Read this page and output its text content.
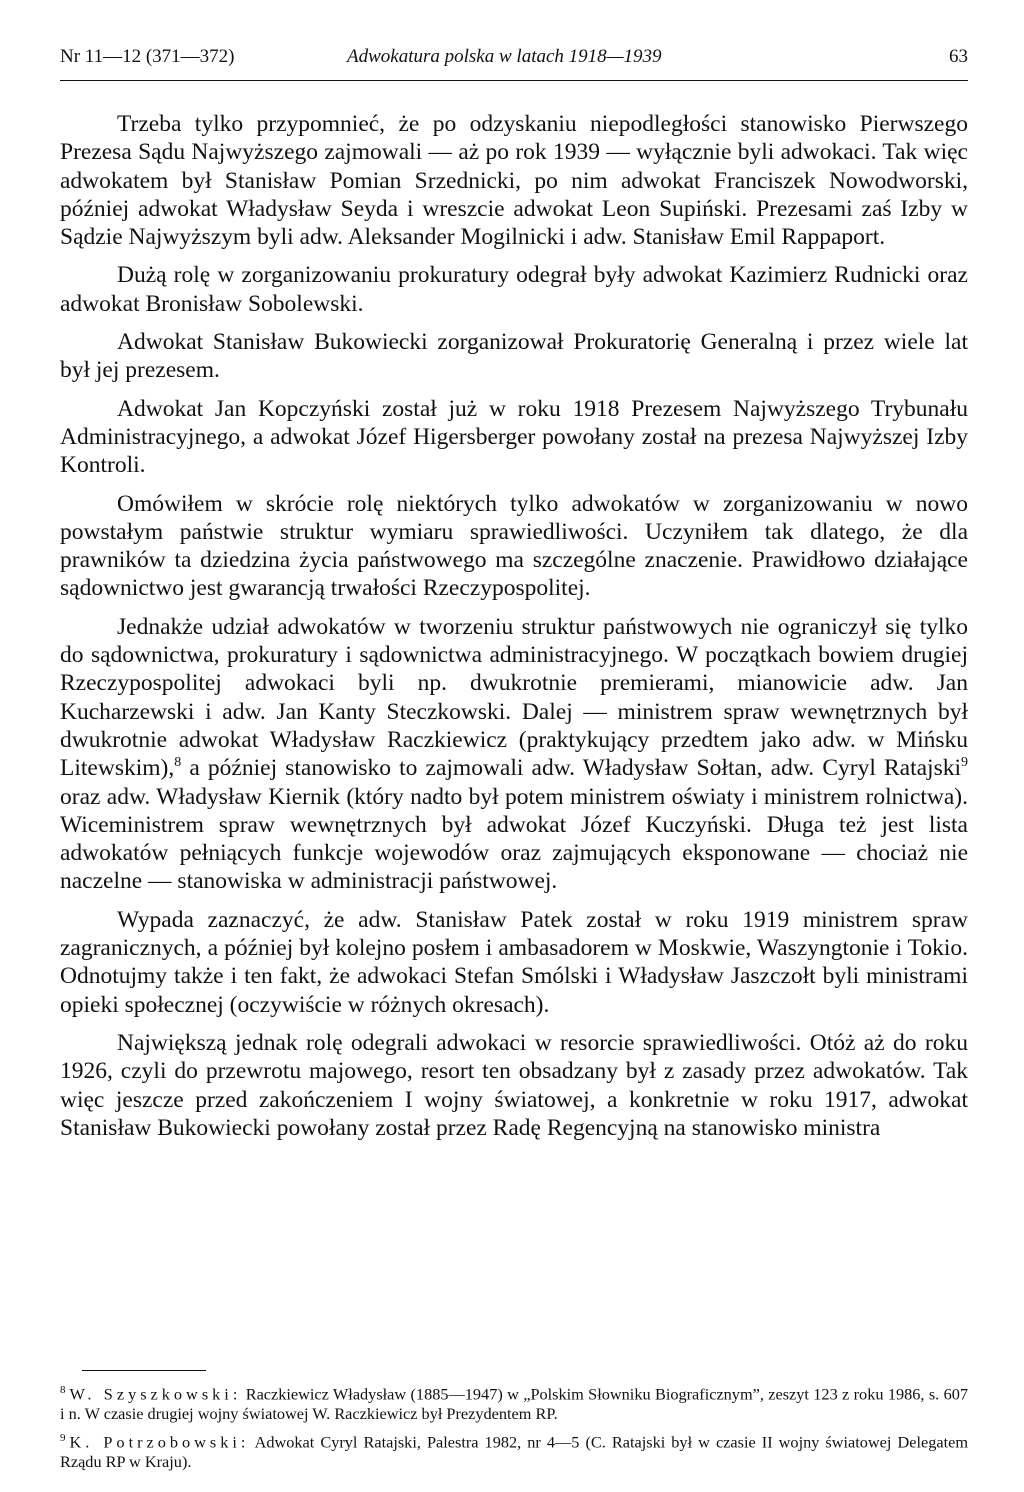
Nr 11—12 (371—372)	Adwokatura polska w latach 1918—1939	63

Trzeba tylko przypomnieć, że po odzyskaniu niepodległości stanowisko Pierwszego Prezesa Sądu Najwyższego zajmowali — aż po rok 1939 — wyłącznie byli adwokaci. Tak więc adwokatem był Stanisław Pomian Srzednicki, po nim adwokat Franciszek Nowodworski, później adwokat Władysław Seyda i wreszcie adwokat Leon Supiński. Prezesami zaś Izby w Sądzie Najwyższym byli adw. Aleksander Mogilnicki i adw. Stanisław Emil Rappaport.

Dużą rolę w zorganizowaniu prokuratury odegrał były adwokat Kazimierz Rudnicki oraz adwokat Bronisław Sobolewski.

Adwokat Stanisław Bukowiecki zorganizował Prokuratorię Generalną i przez wiele lat był jej prezesem.

Adwokat Jan Kopczyński został już w roku 1918 Prezesem Najwyższego Trybunału Administracyjnego, a adwokat Józef Higersberger powołany został na prezesa Najwyższej Izby Kontroli.

Omówiłem w skrócie rolę niektórych tylko adwokatów w zorganizowaniu w nowo powstałym państwie struktur wymiaru sprawiedliwości. Uczyniłem tak dlatego, że dla prawników ta dziedzina życia państwowego ma szczególne znaczenie. Prawidłowo działające sądownictwo jest gwarancją trwałości Rzeczypospolitej.

Jednakże udział adwokatów w tworzeniu struktur państwowych nie ograniczył się tylko do sądownictwa, prokuratury i sądownictwa administracyjnego. W początkach bowiem drugiej Rzeczypospolitej adwokaci byli np. dwukrotnie premierami, mianowicie adw. Jan Kucharzewski i adw. Jan Kanty Steczkowski. Dalej — ministrem spraw wewnętrznych był dwukrotnie adwokat Władysław Raczkiewicz (praktykujący przedtem jako adw. w Mińsku Litewskim),$^8$ a później stanowisko to zajmowali adw. Władysław Sołtan, adw. Cyryl Ratajski$^9$ oraz adw. Władysław Kiernik (który nadto był potem ministrem oświaty i ministrem rolnictwa). Wiceministrem spraw wewnętrznych był adwokat Józef Kuczyński. Długa też jest lista adwokatów pełniących funkcje wojewodów oraz zajmujących eksponowane — chociaż nie naczelne — stanowiska w administracji państwowej.

Wypada zaznaczyć, że adw. Stanisław Patek został w roku 1919 ministrem spraw zagranicznych, a później był kolejno posłem i ambasadorem w Moskwie, Waszyngtonie i Tokio. Odnotujmy także i ten fakt, że adwokaci Stefan Smólski i Władysław Jaszczołt byli ministrami opieki społecznej (oczywiście w różnych okresach).

Największą jednak rolę odegrali adwokaci w resorcie sprawiedliwości. Otóż aż do roku 1926, czyli do przewrotu majowego, resort ten obsadzany był z zasady przez adwokatów. Tak więc jeszcze przed zakończeniem I wojny światowej, a konkretnie w roku 1917, adwokat Stanisław Bukowiecki powołany został przez Radę Regencyjną na stanowisko ministra

$^8$ W. Szyszkowski: Raczkiewicz Władysław (1885—1947) w „Polskim Słowniku Biograficznym”, zeszyt 123 z roku 1986, s. 607 i n. W czasie drugiej wojny światowej W. Raczkiewicz był Prezydentem RP.

$^9$ K. Potrzobowski: Adwokat Cyryl Ratajski, Palestra 1982, nr 4—5 (C. Ratajski był w czasie II wojny światowej Delegatem Rządu RP w Kraju).
